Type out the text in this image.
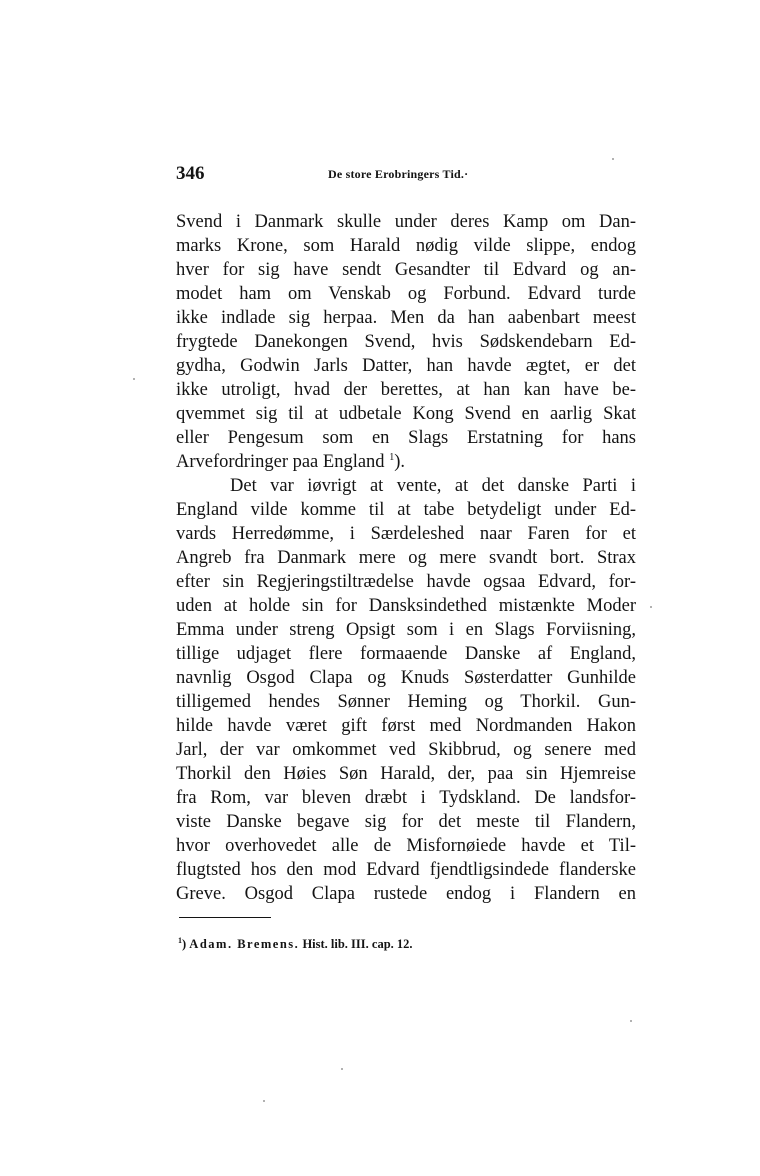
346	De store Erobringers Tid.·
Svend i Danmark skulle under deres Kamp om Dan-
marks Krone, som Harald nødig vilde slippe, endog
hver for sig have sendt Gesandter til Edvard og an-
modet ham om Venskab og Forbund. Edvard turde
ikke indlade sig herpaa. Men da han aabenbart meest
frygtede Danekongen Svend, hvis Sødskendebarn Ed-
gydha, Godwin Jarls Datter, han havde ægtet, er det
ikke utroligt, hvad der berettes, at han kan have be-
qvemmet sig til at udbetale Kong Svend en aarlig Skat
eller Pengesum som en Slags Erstatning for hans
Arvefordringer paa England $^1$).
Det var iøvrigt at vente, at det danske Parti i
England vilde komme til at tabe betydeligt under Ed-
vards Herredømme, i Særdeleshed naar Faren for et
Angreb fra Danmark mere og mere svandt bort. Strax
efter sin Regjeringstiltrædelse havde ogsaa Edvard, for-
uden at holde sin for Dansksindethed mistænkte Moder
Emma under streng Opsigt som i en Slags Forviisning,
tillige udjaget flere formaaende Danske af England,
navnlig Osgod Clapa og Knuds Søsterdatter Gunhilde
tilligemed hendes Sønner Heming og Thorkil. Gun-
hilde havde været gift først med Nordmanden Hakon
Jarl, der var omkommet ved Skibbrud, og senere med
Thorkil den Høies Søn Harald, der, paa sin Hjemreise
fra Rom, var bleven dræbt i Tydskland. De landsfor-
viste Danske begave sig for det meste til Flandern,
hvor overhovedet alle de Misfornøiede havde et Til-
flugtsted hos den mod Edvard fjendtligsindede flanderske
Greve. Osgod Clapa rustede endog i Flandern en
$^1$) Adam. Bremens. Hist. lib. III. cap. 12.
